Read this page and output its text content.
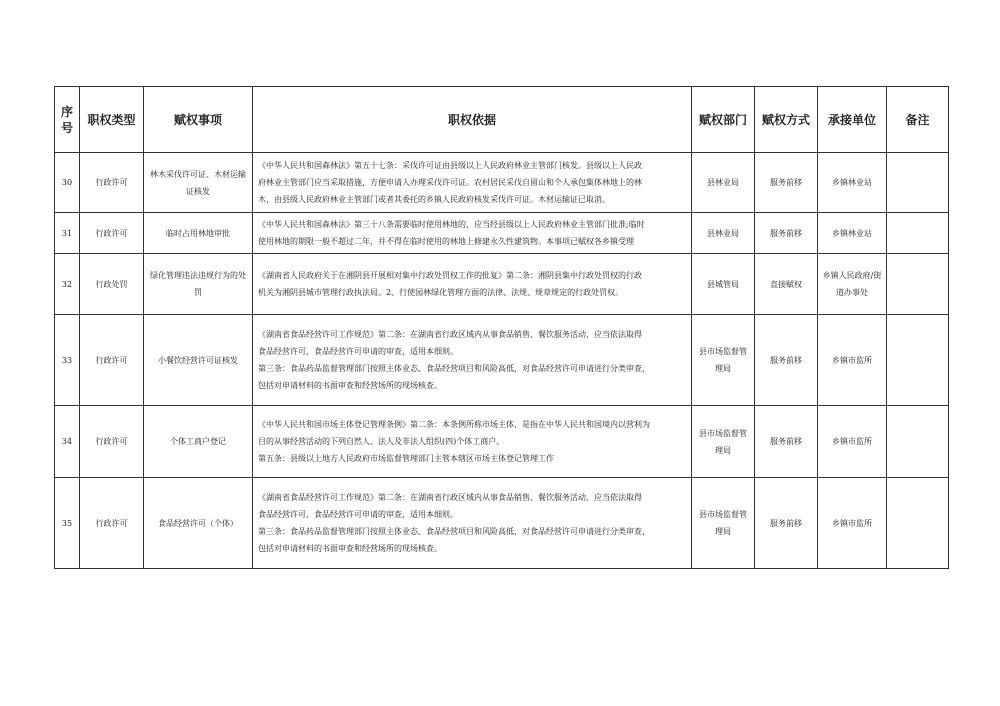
序号	职权类型	赋权事项	职权依据	赋权部门	赋权方式	承接单位	备注

30	行政许可	林木采伐许可证、木材运输证核发	《中华人民共和国森林法》第五十七条：采伐许可证由县级以上人民政府林业主管部门核发。县级以上人民政
府林业主管部门应当采取措施，方便申请人办理采伐许可证。农村居民采伐自留山和个人承包集体林地上的林
木，由县级人民政府林业主管部门或者其委托的乡镇人民政府核发采伐许可证。木材运输证已取消。	县林业局	服务前移	乡镇林业站	

31	行政许可	临时占用林地审批	《中华人民共和国森林法》第三十八条需要临时使用林地的，应当经县级以上人民政府林业主管部门批准;临时
使用林地的期限一般不超过二年，并不得在临时使用的林地上修建永久性建筑物。本事项已赋权各乡镇受理	县林业局	服务前移	乡镇林业站	

32	行政处罚	绿化管理违法违规行为的处罚	《湖南省人民政府关于在湘阴县开展相对集中行政处罚权工作的批复》第二条：湘阴县集中行政处罚权的行政
机关为湘阴县城市管理行政执法局。2、行使园林绿化管理方面的法律、法规、规章规定的行政处罚权。	县城管局	直接赋权	乡镇人民政府/街道办事处	

33	行政许可	小餐饮经营许可证核发	《湖南省食品经营许可工作规范》第二条：在湖南省行政区域内从事食品销售、餐饮服务活动，应当依法取得
食品经营许可，食品经营许可申请的审查，适用本细则。
第三条：食品药品监督管理部门按照主体业态、食品经营项目和风险高低，对食品经营许可申请进行分类审查，
包括对申请材料的书面审查和经营场所的现场核查。	县市场监督管理局	服务前移	乡镇市监所	

34	行政许可	个体工商户登记	《中华人民共和国市场主体登记管理条例》第二条：本条例所称市场主体，是指在中华人民共和国境内以营利为
目的从事经营活动的下列自然人、法人及非法人组织(四)个体工商户。
第五条：县级以上地方人民政府市场监督管理部门主管本辖区市场主体登记管理工作	县市场监督管理局	服务前移	乡镇市监所	

35	行政许可	食品经营许可（个体）	《湖南省食品经营许可工作规范》第二条：在湖南省行政区域内从事食品销售、餐饮服务活动，应当依法取得
食品经营许可，食品经营许可申请的审查，适用本细则。
第三条：食品药品监督管理部门按照主体业态、食品经营项目和风险高低，对食品经营许可申请进行分类审查，
包括对申请材料的书面审查和经营场所的现场核查。	县市场监督管理局	服务前移	乡镇市监所	
